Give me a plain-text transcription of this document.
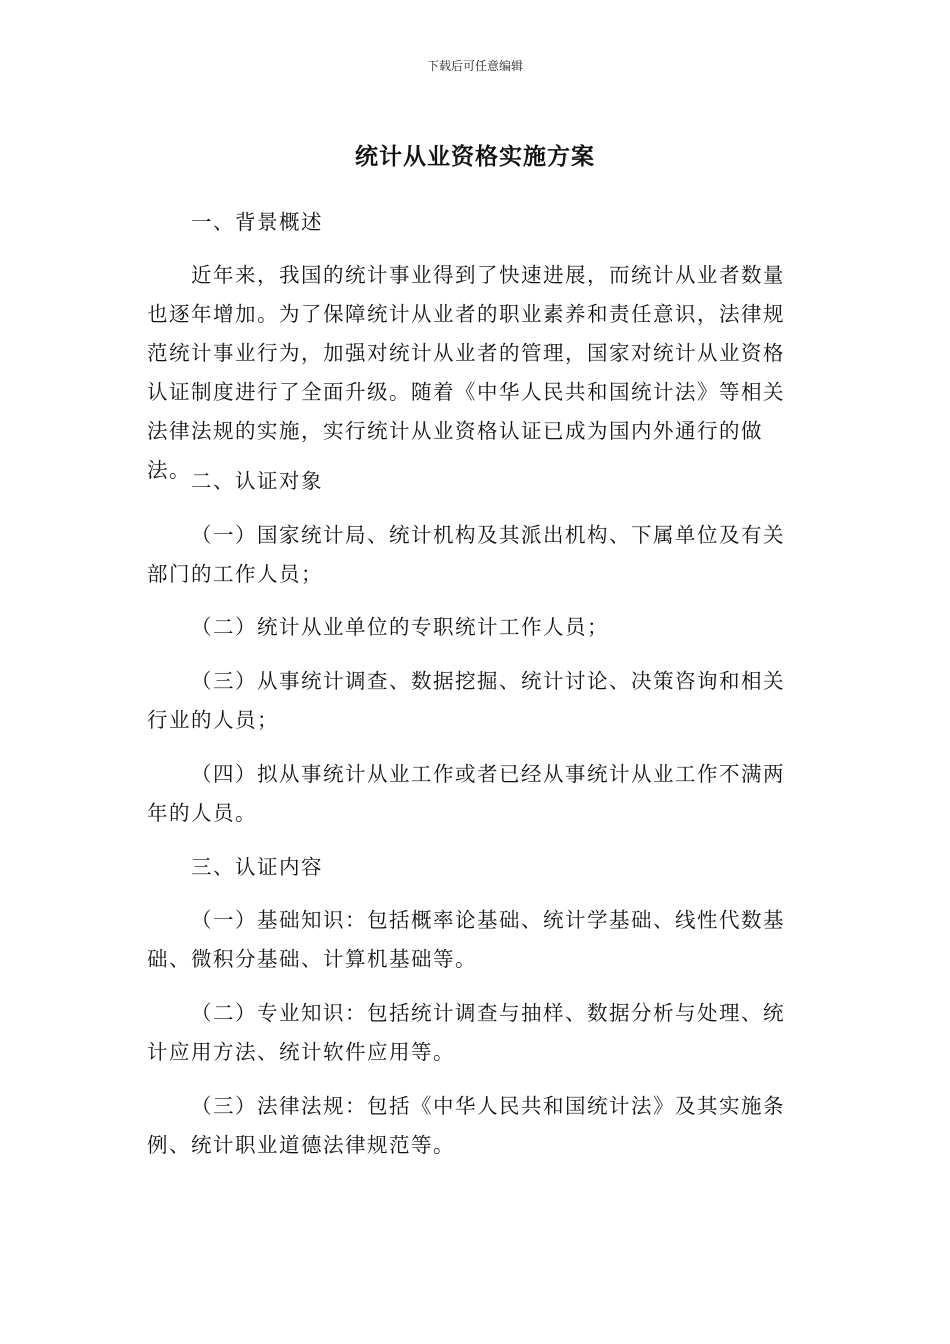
下载后可任意编辑
统计从业资格实施方案
一、背景概述

近年来，我国的统计事业得到了快速进展，而统计从业者数量也逐年增加。为了保障统计从业者的职业素养和责任意识，法律规范统计事业行为，加强对统计从业者的管理，国家对统计从业资格认证制度进行了全面升级。随着《中华人民共和国统计法》等相关法律法规的实施，实行统计从业资格认证已成为国内外通行的做法。 二、认证对象

（一）国家统计局、统计机构及其派出机构、下属单位及有关部门的工作人员；

（二）统计从业单位的专职统计工作人员；

（三）从事统计调查、数据挖掘、统计讨论、决策咨询和相关行业的人员；

（四）拟从事统计从业工作或者已经从事统计从业工作不满两年的人员。

三、认证内容

（一）基础知识：包括概率论基础、统计学基础、线性代数基础、微积分基础、计算机基础等。

（二）专业知识：包括统计调查与抽样、数据分析与处理、统计应用方法、统计软件应用等。

（三）法律法规：包括《中华人民共和国统计法》及其实施条例、统计职业道德法律规范等。
